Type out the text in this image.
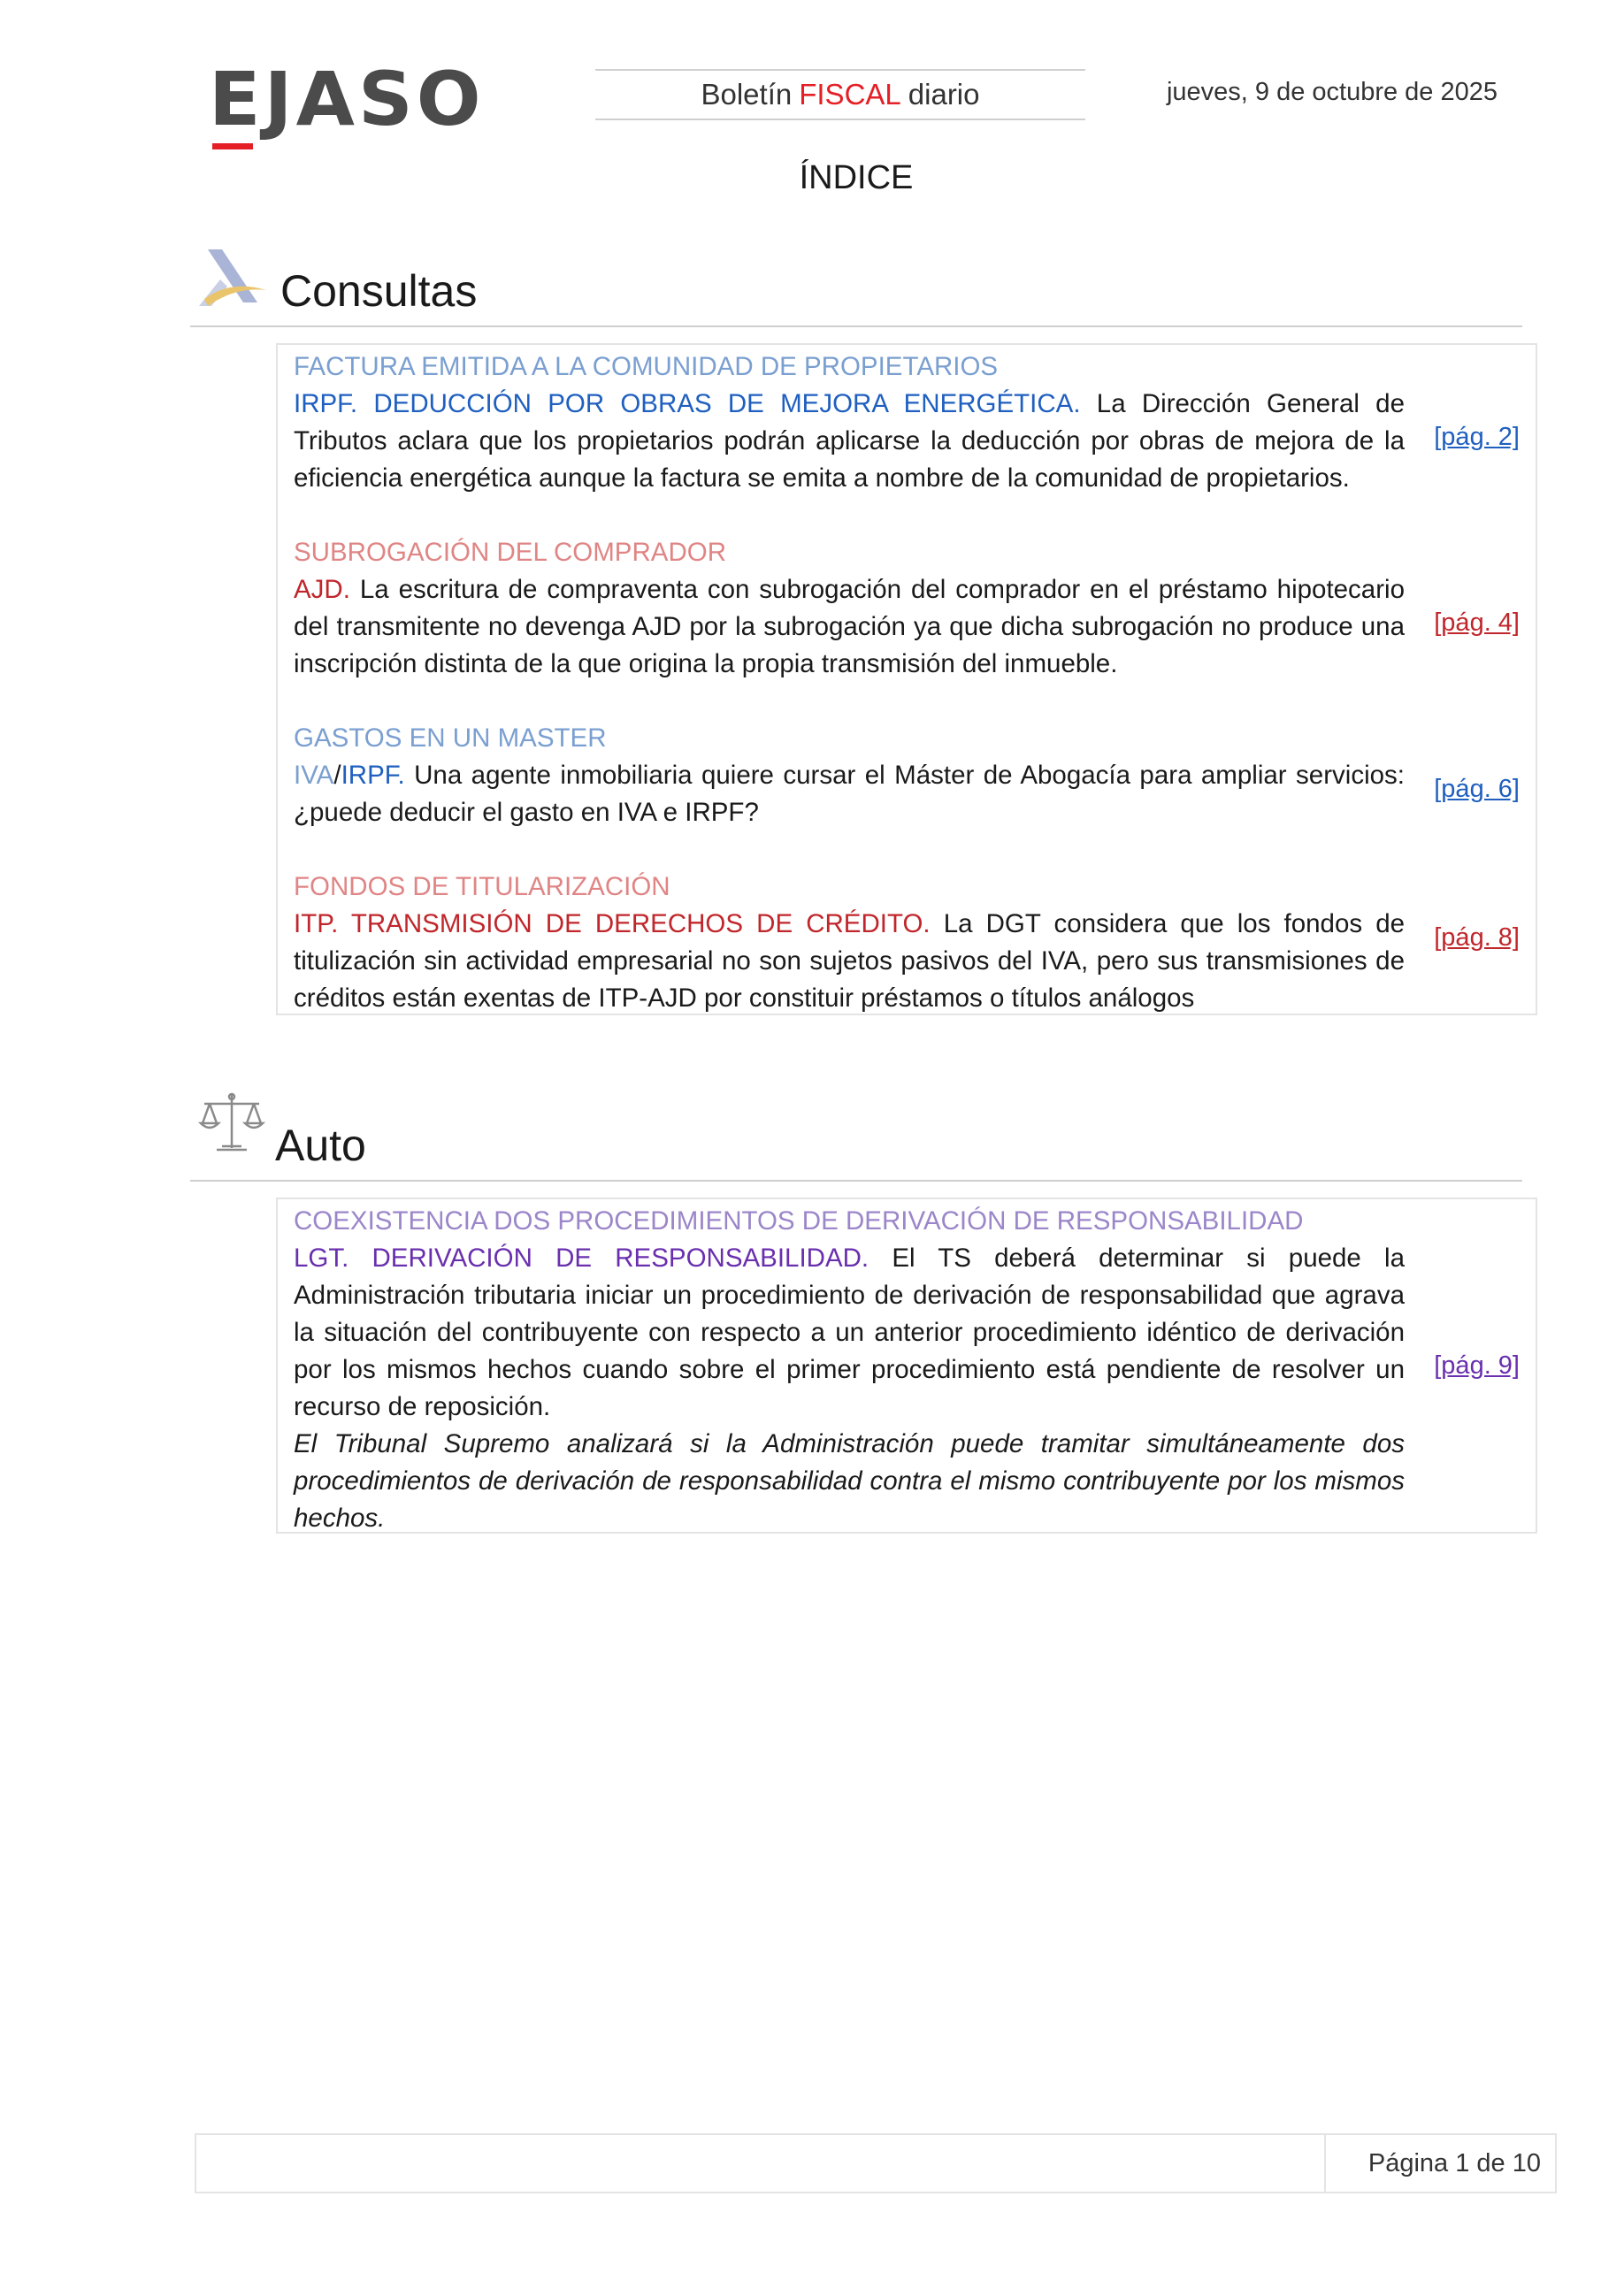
EJASO	Boletín FISCAL diario	jueves, 9 de octubre de 2025
ÍNDICE
Consultas
FACTURA EMITIDA A LA COMUNIDAD DE PROPIETARIOS
IRPF. DEDUCCIÓN POR OBRAS DE MEJORA ENERGÉTICA. La Dirección General de Tributos aclara que los propietarios podrán aplicarse la deducción por obras de mejora de la eficiencia energética aunque la factura se emita a nombre de la comunidad de propietarios.
[pág. 2]
SUBROGACIÓN DEL COMPRADOR
AJD. La escritura de compraventa con subrogación del comprador en el préstamo hipotecario del transmitente no devenga AJD por la subrogación ya que dicha subrogación no produce una inscripción distinta de la que origina la propia transmisión del inmueble.
[pág. 4]
GASTOS EN UN MASTER
IVA/IRPF. Una agente inmobiliaria quiere cursar el Máster de Abogacía para ampliar servicios: ¿puede deducir el gasto en IVA e IRPF?
[pág. 6]
FONDOS DE TITULARIZACIÓN
ITP. TRANSMISIÓN DE DERECHOS DE CRÉDITO. La DGT considera que los fondos de titulización sin actividad empresarial no son sujetos pasivos del IVA, pero sus transmisiones de créditos están exentas de ITP-AJD por constituir préstamos o títulos análogos
[pág. 8]
Auto
COEXISTENCIA DOS PROCEDIMIENTOS DE DERIVACIÓN DE RESPONSABILIDAD
LGT. DERIVACIÓN DE RESPONSABILIDAD. El TS deberá determinar si puede la Administración tributaria iniciar un procedimiento de derivación de responsabilidad que agrava la situación del contribuyente con respecto a un anterior procedimiento idéntico de derivación por los mismos hechos cuando sobre el primer procedimiento está pendiente de resolver un recurso de reposición.
El Tribunal Supremo analizará si la Administración puede tramitar simultáneamente dos procedimientos de derivación de responsabilidad contra el mismo contribuyente por los mismos hechos.
[pág. 9]
Página 1 de 10
